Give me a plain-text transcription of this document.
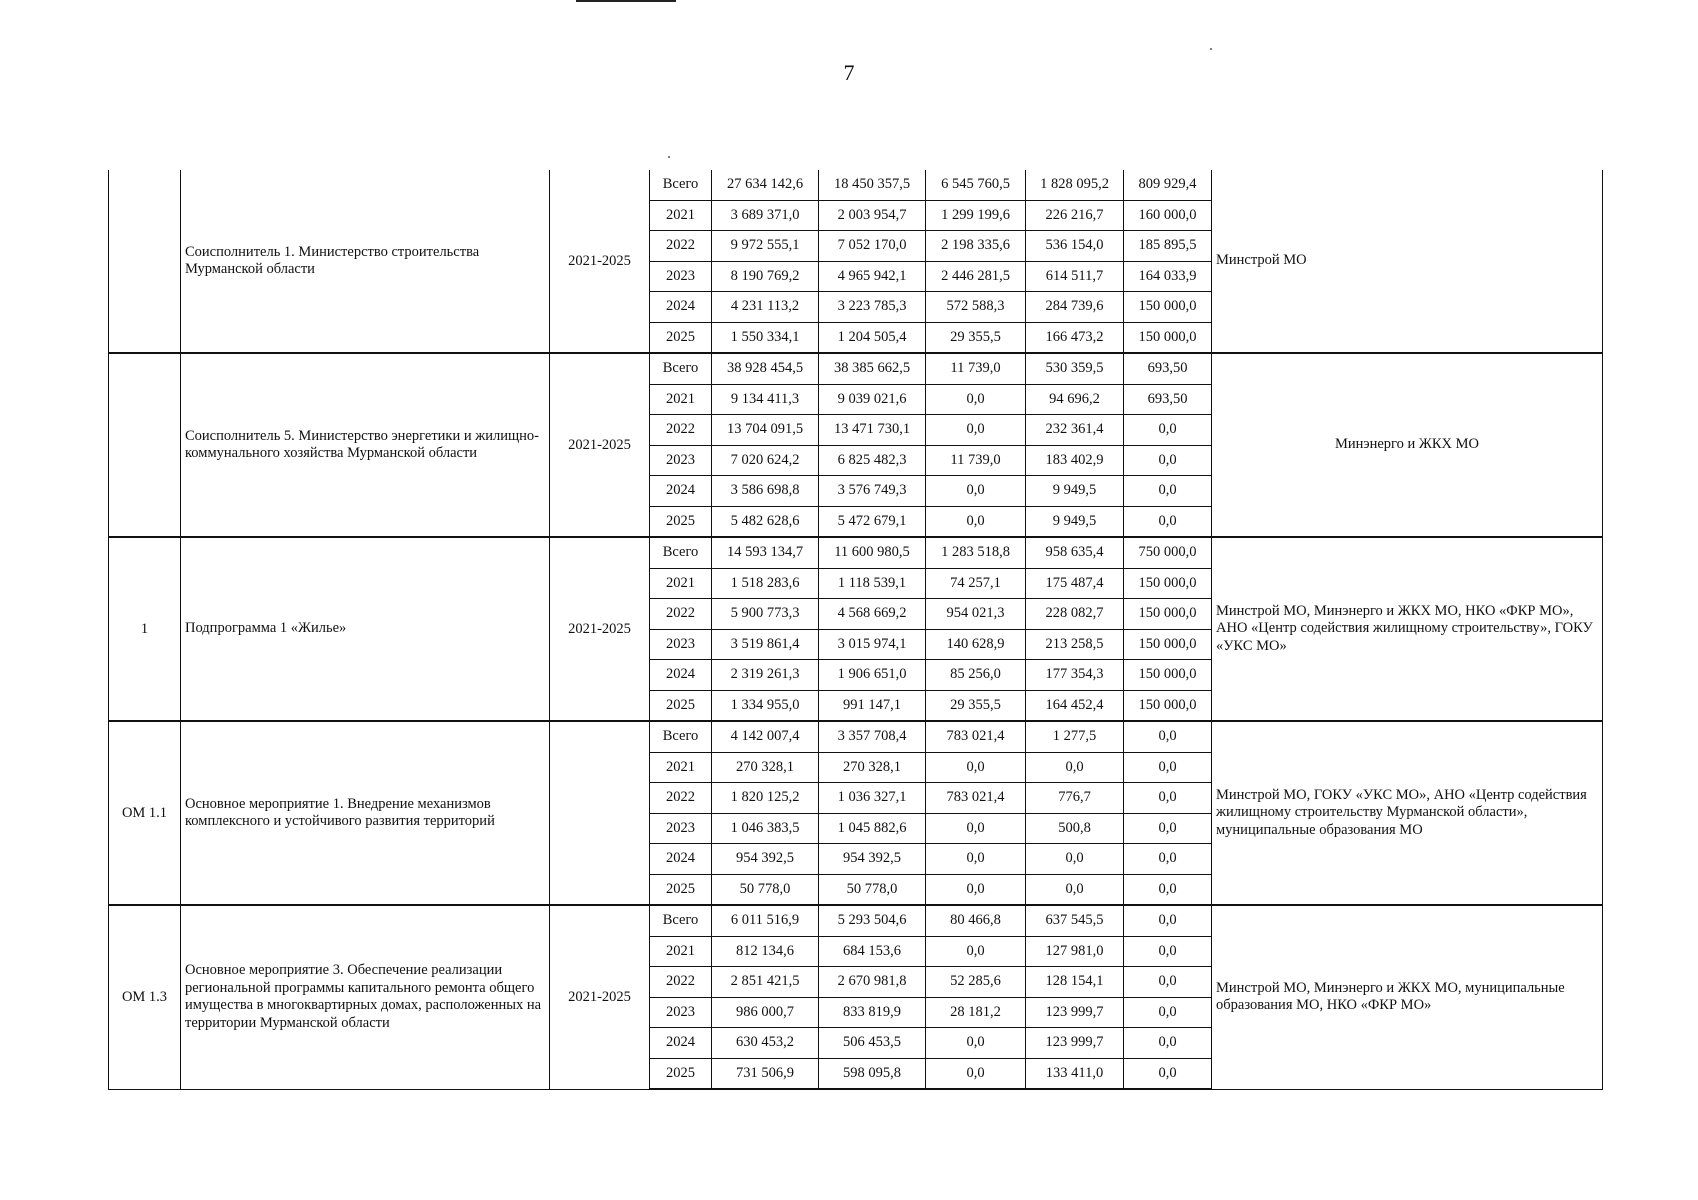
7
	Соисполнитель 1. Министерство строительства Мурманской области	2021-2025	Всего	27 634 142,6	18 450 357,5	6 545 760,5	1 828 095,2	809 929,4	Минстрой МО
			2021	3 689 371,0	2 003 954,7	1 299 199,6	226 216,7	160 000,0	
			2022	9 972 555,1	7 052 170,0	2 198 335,6	536 154,0	185 895,5	
			2023	8 190 769,2	4 965 942,1	2 446 281,5	614 511,7	164 033,9	
			2024	4 231 113,2	3 223 785,3	572 588,3	284 739,6	150 000,0	
			2025	1 550 334,1	1 204 505,4	29 355,5	166 473,2	150 000,0	
	Соисполнитель 5. Министерство энергетики и жилищно-коммунального хозяйства Мурманской области	2021-2025	Всего	38 928 454,5	38 385 662,5	11 739,0	530 359,5	693,50	Минэнерго и ЖКХ МО
			2021	9 134 411,3	9 039 021,6	0,0	94 696,2	693,50	
			2022	13 704 091,5	13 471 730,1	0,0	232 361,4	0,0	
			2023	7 020 624,2	6 825 482,3	11 739,0	183 402,9	0,0	
			2024	3 586 698,8	3 576 749,3	0,0	9 949,5	0,0	
			2025	5 482 628,6	5 472 679,1	0,0	9 949,5	0,0	
1	Подпрограмма 1 «Жилье»	2021-2025	Всего	14 593 134,7	11 600 980,5	1 283 518,8	958 635,4	750 000,0	Минстрой МО, Минэнерго и ЖКХ МО, НКО «ФКР МО», АНО «Центр содействия жилищному строительству», ГОКУ «УКС МО»
			2021	1 518 283,6	1 118 539,1	74 257,1	175 487,4	150 000,0	
			2022	5 900 773,3	4 568 669,2	954 021,3	228 082,7	150 000,0	
			2023	3 519 861,4	3 015 974,1	140 628,9	213 258,5	150 000,0	
			2024	2 319 261,3	1 906 651,0	85 256,0	177 354,3	150 000,0	
			2025	1 334 955,0	991 147,1	29 355,5	164 452,4	150 000,0	
ОМ 1.1	Основное мероприятие 1. Внедрение механизмов комплексного и устойчивого развития территорий		Всего	4 142 007,4	3 357 708,4	783 021,4	1 277,5	0,0	Минстрой МО, ГОКУ «УКС МО», АНО «Центр содействия жилищному строительству Мурманской области», муниципальные образования МО
			2021	270 328,1	270 328,1	0,0	0,0	0,0	
			2022	1 820 125,2	1 036 327,1	783 021,4	776,7	0,0	
			2023	1 046 383,5	1 045 882,6	0,0	500,8	0,0	
			2024	954 392,5	954 392,5	0,0	0,0	0,0	
			2025	50 778,0	50 778,0	0,0	0,0	0,0	
ОМ 1.3	Основное мероприятие 3. Обеспечение реализации региональной программы капитального ремонта общего имущества в многоквартирных домах, расположенных на территории Мурманской области	2021-2025	Всего	6 011 516,9	5 293 504,6	80 466,8	637 545,5	0,0	Минстрой МО, Минэнерго и ЖКХ МО, муниципальные образования МО, НКО «ФКР МО»
			2021	812 134,6	684 153,6	0,0	127 981,0	0,0	
			2022	2 851 421,5	2 670 981,8	52 285,6	128 154,1	0,0	
			2023	986 000,7	833 819,9	28 181,2	123 999,7	0,0	
			2024	630 453,2	506 453,5	0,0	123 999,7	0,0	
			2025	731 506,9	598 095,8	0,0	133 411,0	0,0	
